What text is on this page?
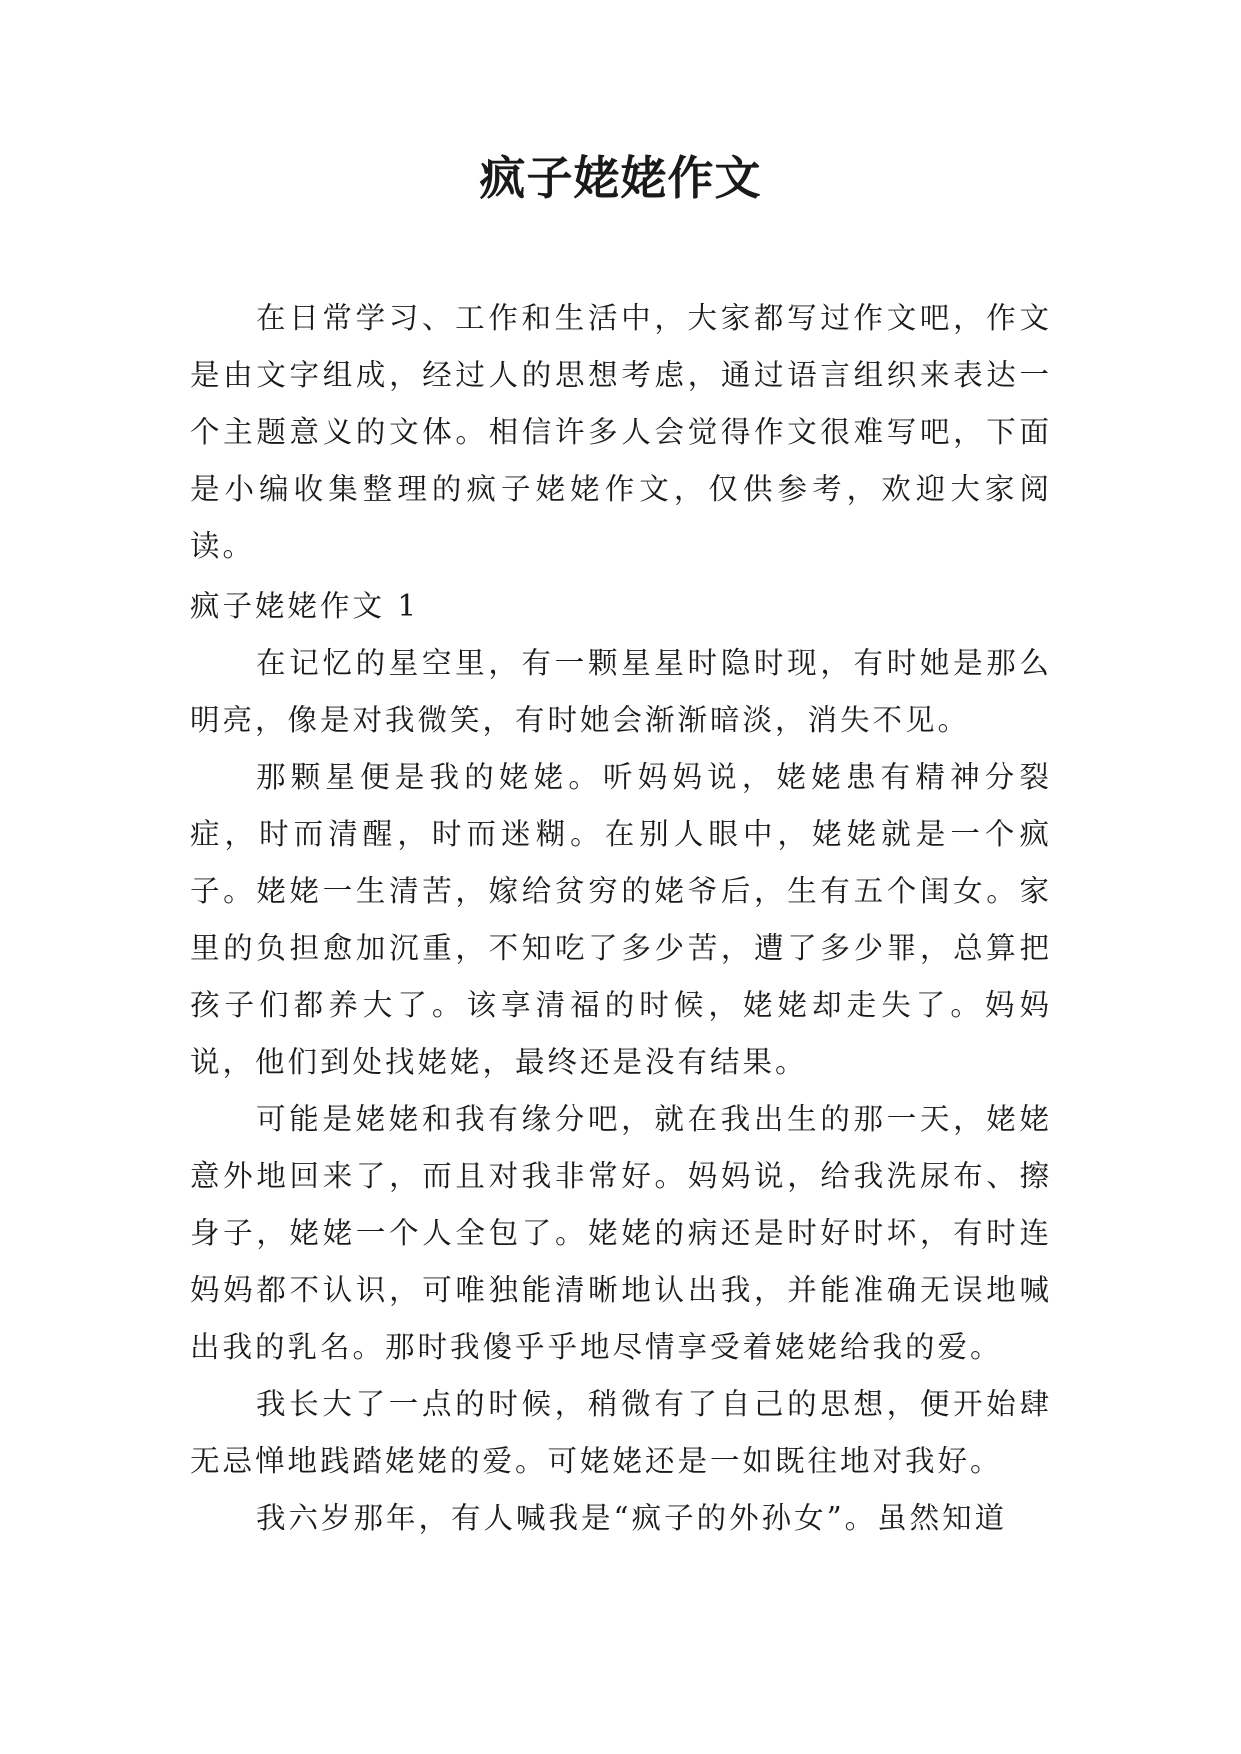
疯子姥姥作文

在日常学习、工作和生活中，大家都写过作文吧，作文是由文字组成，经过人的思想考虑，通过语言组织来表达一个主题意义的文体。相信许多人会觉得作文很难写吧，下面是小编收集整理的疯子姥姥作文，仅供参考，欢迎大家阅读。

疯子姥姥作文 1

在记忆的星空里，有一颗星星时隐时现，有时她是那么明亮，像是对我微笑，有时她会渐渐暗淡，消失不见。

那颗星便是我的姥姥。听妈妈说，姥姥患有精神分裂症，时而清醒，时而迷糊。在别人眼中，姥姥就是一个疯子。姥姥一生清苦，嫁给贫穷的姥爷后，生有五个闺女。家里的负担愈加沉重，不知吃了多少苦，遭了多少罪，总算把孩子们都养大了。该享清福的时候，姥姥却走失了。妈妈说，他们到处找姥姥，最终还是没有结果。

可能是姥姥和我有缘分吧，就在我出生的那一天，姥姥意外地回来了，而且对我非常好。妈妈说，给我洗尿布、擦身子，姥姥一个人全包了。姥姥的病还是时好时坏，有时连妈妈都不认识，可唯独能清晰地认出我，并能准确无误地喊出我的乳名。那时我傻乎乎地尽情享受着姥姥给我的爱。

我长大了一点的时候，稍微有了自己的思想，便开始肆无忌惮地践踏姥姥的爱。可姥姥还是一如既往地对我好。

我六岁那年，有人喊我是“疯子的外孙女”。虽然知道
